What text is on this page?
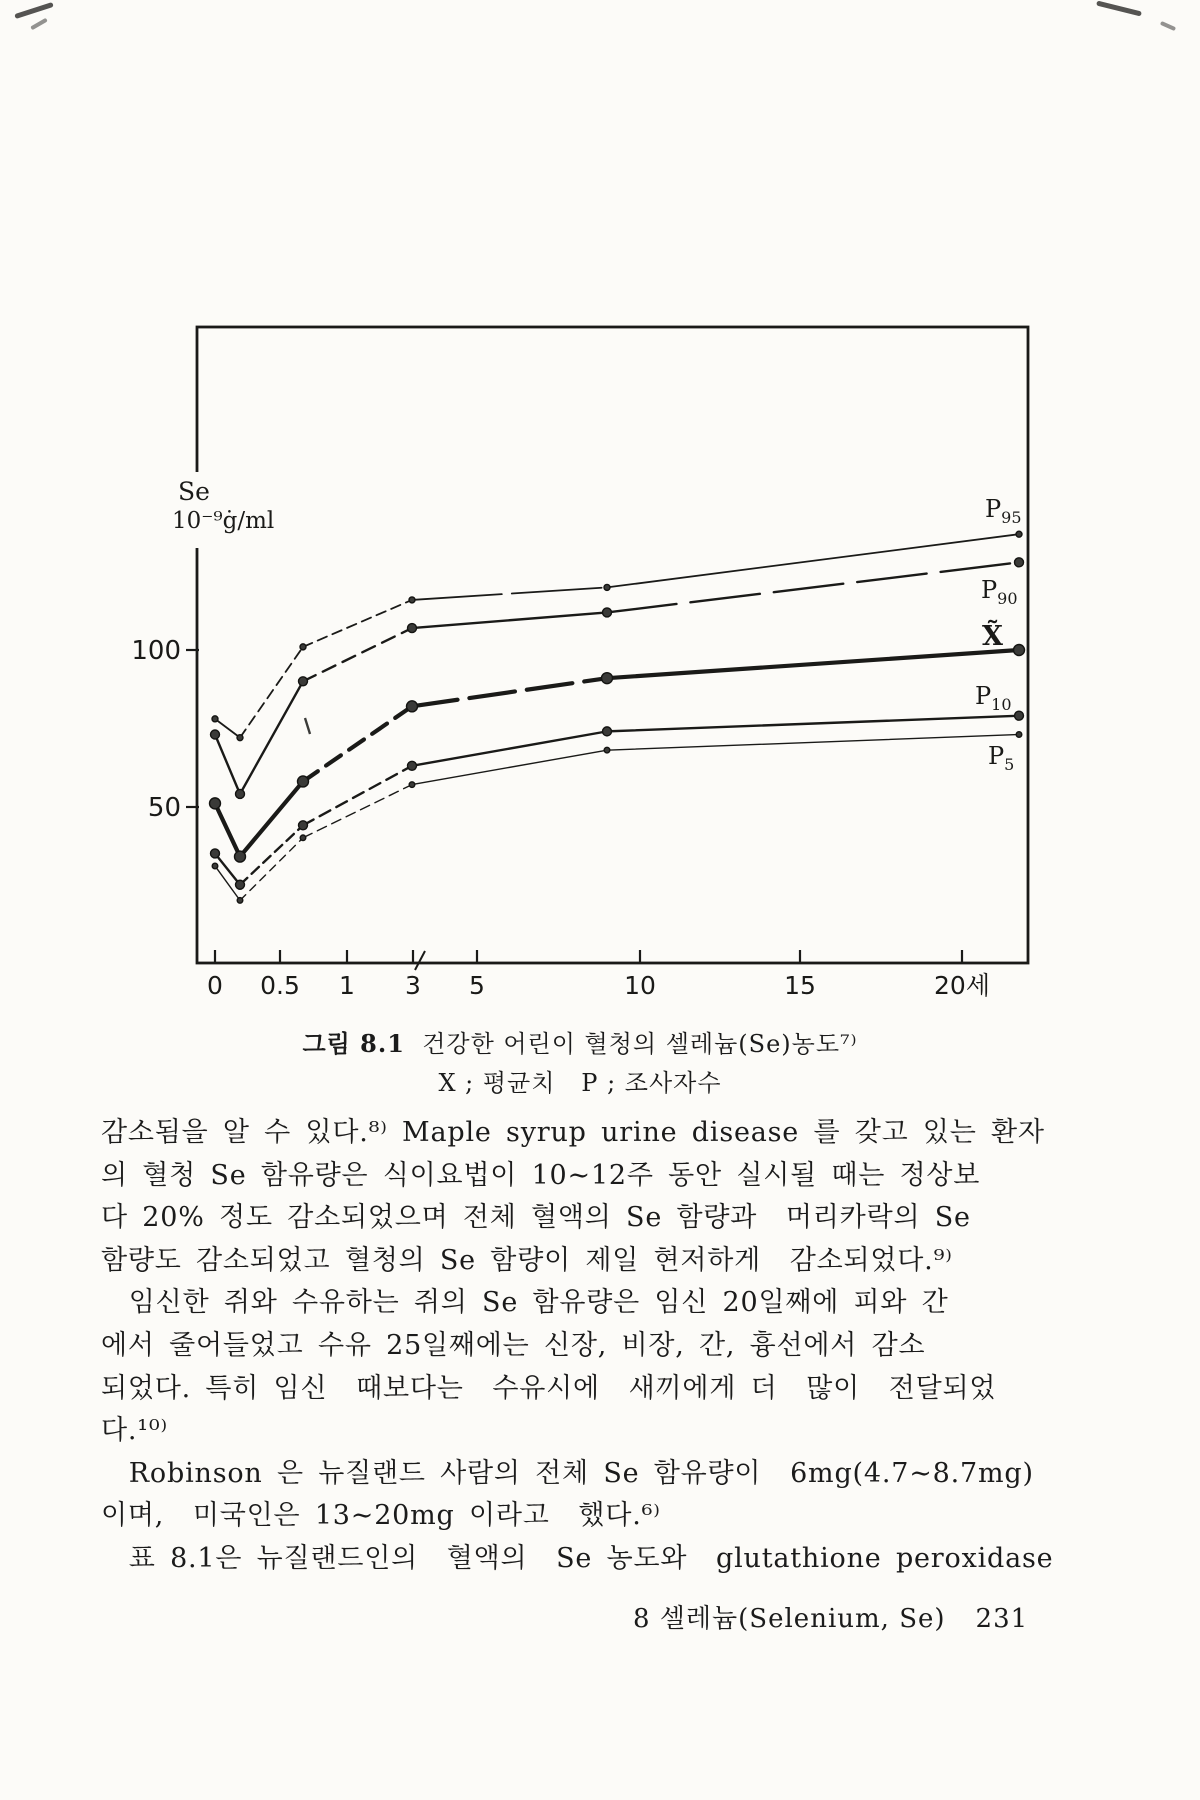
Se
10⁻⁹ġ/ml
50
100
0 0.5 1 3 5	10	15	20세
$P_{95}$
$P_{90}$
X̃
$P_{10}$
$P_5$
그림 8.1  건강한 어린이 혈청의 셀레늄(Se)농도⁷⁾
X ; 평균치   P ; 조사자수
감소됨을 알 수 있다.⁸⁾ Maple syrup urine disease 를 갖고 있는 환자
의 혈청 Se 함유량은 식이요법이 10∼12주 동안 실시될 때는 정상보
다 20% 정도 감소되었으며 전체 혈액의 Se 함량과  머리카락의 Se
함량도 감소되었고 혈청의 Se 함량이 제일 현저하게  감소되었다.⁹⁾
　임신한 쥐와 수유하는 쥐의 Se 함유량은 임신 20일째에 피와 간
에서 줄어들었고 수유 25일째에는 신장, 비장, 간, 흉선에서 감소
되었다. 특히 임신  때보다는  수유시에  새끼에게 더  많이  전달되었
다.¹⁰⁾
　Robinson 은 뉴질랜드 사람의 전체 Se 함유량이  6mg(4.7∼8.7mg)
이며,  미국인은 13∼20mg 이라고  했다.⁶⁾
　표 8.1은 뉴질랜드인의  혈액의  Se 농도와  glutathione peroxidase
8 셀레늄(Selenium, Se) 231
